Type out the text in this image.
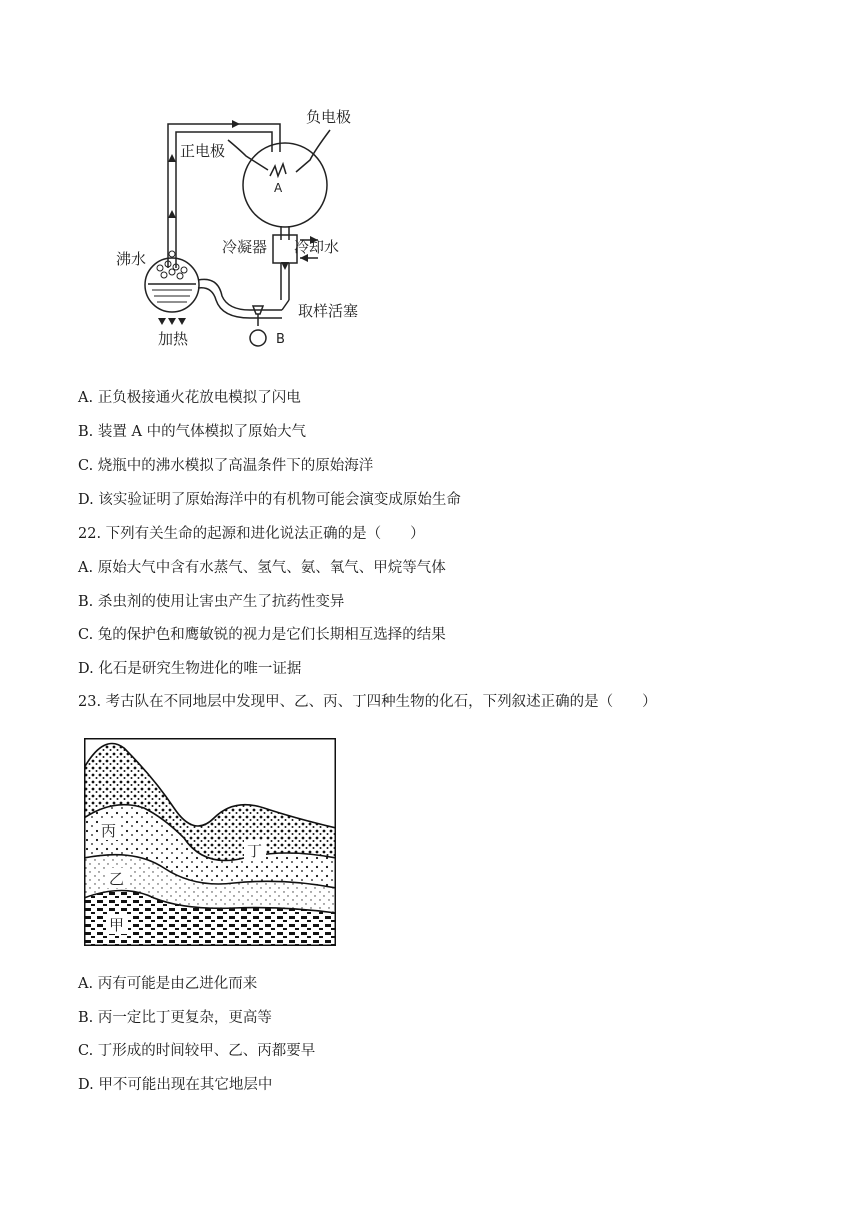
负电极
正电极
A
冷凝器 冷却水
沸水
取样活塞
加热	B
A. 正负极接通火花放电模拟了闪电
B. 装置 A 中的气体模拟了原始大气
C. 烧瓶中的沸水模拟了高温条件下的原始海洋
D. 该实验证明了原始海洋中的有机物可能会演变成原始生命
22. 下列有关生命的起源和进化说法正确的是（　　）
A. 原始大气中含有水蒸气、氢气、氨、氧气、甲烷等气体
B. 杀虫剂的使用让害虫产生了抗药性变异
C. 兔的保护色和鹰敏锐的视力是它们长期相互选择的结果
D. 化石是研究生物进化的唯一证据
23. 考古队在不同地层中发现甲、乙、丙、丁四种生物的化石，下列叙述正确的是（　　）
丙
丁
乙
甲
A. 丙有可能是由乙进化而来
B. 丙一定比丁更复杂，更高等
C. 丁形成的时间较甲、乙、丙都要早
D. 甲不可能出现在其它地层中
